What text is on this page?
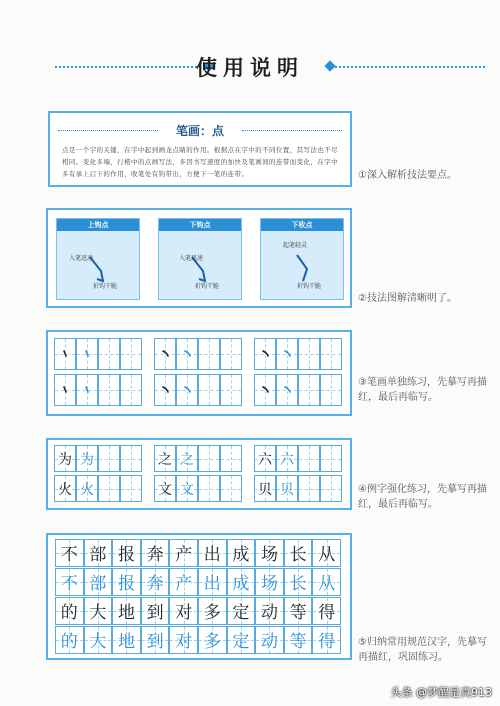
使用说明
笔画：点
点是一个字的关键，在字中起到画龙点睛的作用。根据点在字中的不同位置，其写法也不尽相同。变化多端，行楷中的点画写法，多因书写速度的加快及笔画间的连带而变化，在字中多有承上启下的作用，收笔处有钩带出，方便下一笔的连带。	①深入解析技法要点。
上钩点
入笔迅速
折钩干脆
下钩点
入笔迅速
折钩干脆
下收点
起笔轻灵
折钩干脆
②技法图解清晰明了。
③笔画单独练习，先摹写再描红，最后再临写。
为 为	之 之	六 六
火 火	文 文	贝 贝	④例字强化练习，先摹写再描红，最后再临写。
不 部 报 奔 产 出 成 场 长 从
不 部 报 奔 产 出 成 场 长 从
的 大 地 到 对 多 定 动 等 得
的 大 地 到 对 多 定 动 等 得	⑤归纳常用规范汉字，先摹写再描红，巩固练习。
头条 @梦醒是真913
